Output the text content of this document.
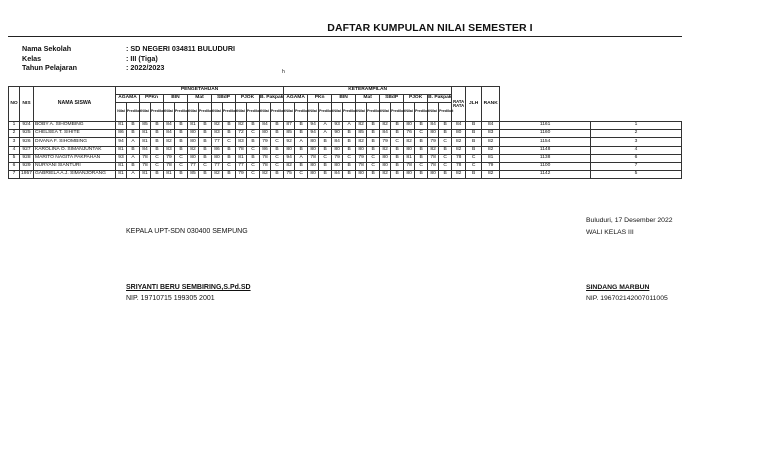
DAFTAR KUMPULAN NILAI SEMESTER I
Nama Sekolah	: SD NEGERI 034811 BULUDURI
Kelas	: III (Tiga)
Tahun Pelajaran	: 2022/2023	h
NO	NIS	NAMA SISWA	PENGETAHUAN														KETERAMPILAN														RATA RATA	JLH	RANK		
			AGAMA		PPKn		BIN		Mat		SBdP		PJOK		B. Pakpak		AGAMA		PKn		BIN		Mat		SBdP		PJOK		B. Pakpak						
			Nilai	Predikat	Nilai	Predikat	Nilai	Predikat	Nilai	Predikat	Nilai	Predikat	Nilai	Predikat	Nilai	Predikat	Nilai	Predikat	Nilai	Predikat	Nilai	Predikat	Nilai	Predikat	Nilai	Predikat	Nilai	Predikat	Nilai	Predikat					
1	924	BOBY A. SIHOMBING	81	B	85	B	84	B	81	B	82	B	82	B	84	B	87	B	94	A	93	A	82	B	82	B	80	B	84	B	84	B	84	1161	1
2	925	CHELSEA T. SIHITE	86	B	81	B	84	B	80	B	83	B	72	C	80	B	85	B	94	A	90	B	85	B	84	B	76	C	80	B	80	B	83	1160	2
3	926	DIVANA F. SIHOMBING	94	A	81	B	82	B	80	B	77	C	83	B	79	C	92	A	80	B	84	B	82	B	79	C	82	B	79	C	82	B	82	1154	3
4	927	KAROLINA O. SIMANJUNTAK	81	B	84	B	83	B	82	B	86	B	78	C	86	B	80	B	80	B	80	B	80	B	82	B	80	B	82	B	82	B	82	1148	4
5	928	MARITO NAGITA PAKPAHAN	93	A	78	C	79	C	80	B	80	B	81	B	78	C	94	A	78	C	79	C	79	C	80	B	81	B	78	C	78	C	81	1138	6
6	929	NURYANI SIANTURI	81	B	78	C	78	C	77	C	77	C	77	C	78	C	82	B	80	B	80	B	78	C	80	B	78	C	78	C	78	C	79	1100	7
7	1957	GABRIELA A.J. SIMANJORANG	81	A	81	B	81	B	85	B	82	B	79	C	82	B	75	C	80	B	84	B	80	B	82	B	80	B	80	B	82	B	82	1142	5
Buluduri, 17 Desember 2022
KEPALA UPT-SDN 030400 SEMPUNG	WALI KELAS III
SRIYANTI BERU SEMBIRING,S.Pd.SD	SINDANG MARBUN
NIP. 19710715 199305 2001	NIP. 196702142007011005
